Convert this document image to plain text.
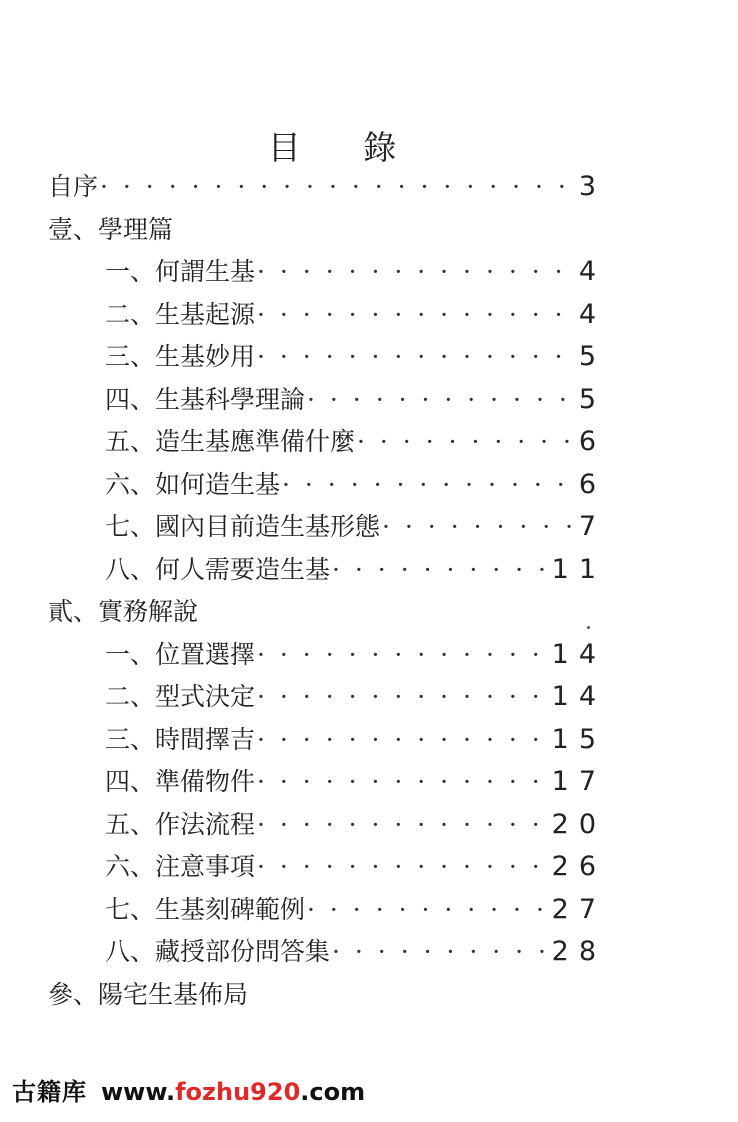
目 錄
自序 · · ·	3
壹、學理篇
一、何謂生基 · · ·	4
二、生基起源 · · ·	4
三、生基妙用 · · ·	5
四、生基科學理論 · · ·	5
五、造生基應準備什麼 · · ·	6
六、如何造生基 · · ·	6
七、國內目前造生基形態 · · ·	7
八、何人需要造生基 · · ·	11
貳、實務解說
一、位置選擇 · · ·	14
二、型式決定 · · ·	14
三、時間擇吉 · · ·	15
四、準備物件 · · ·	17
五、作法流程 · · ·	20
六、注意事項 · · ·	26
七、生基刻碑範例 · · ·	27
八、藏授部份問答集 · · ·	28
參、陽宅生基佈局
古籍库 www.fozhu920.com
